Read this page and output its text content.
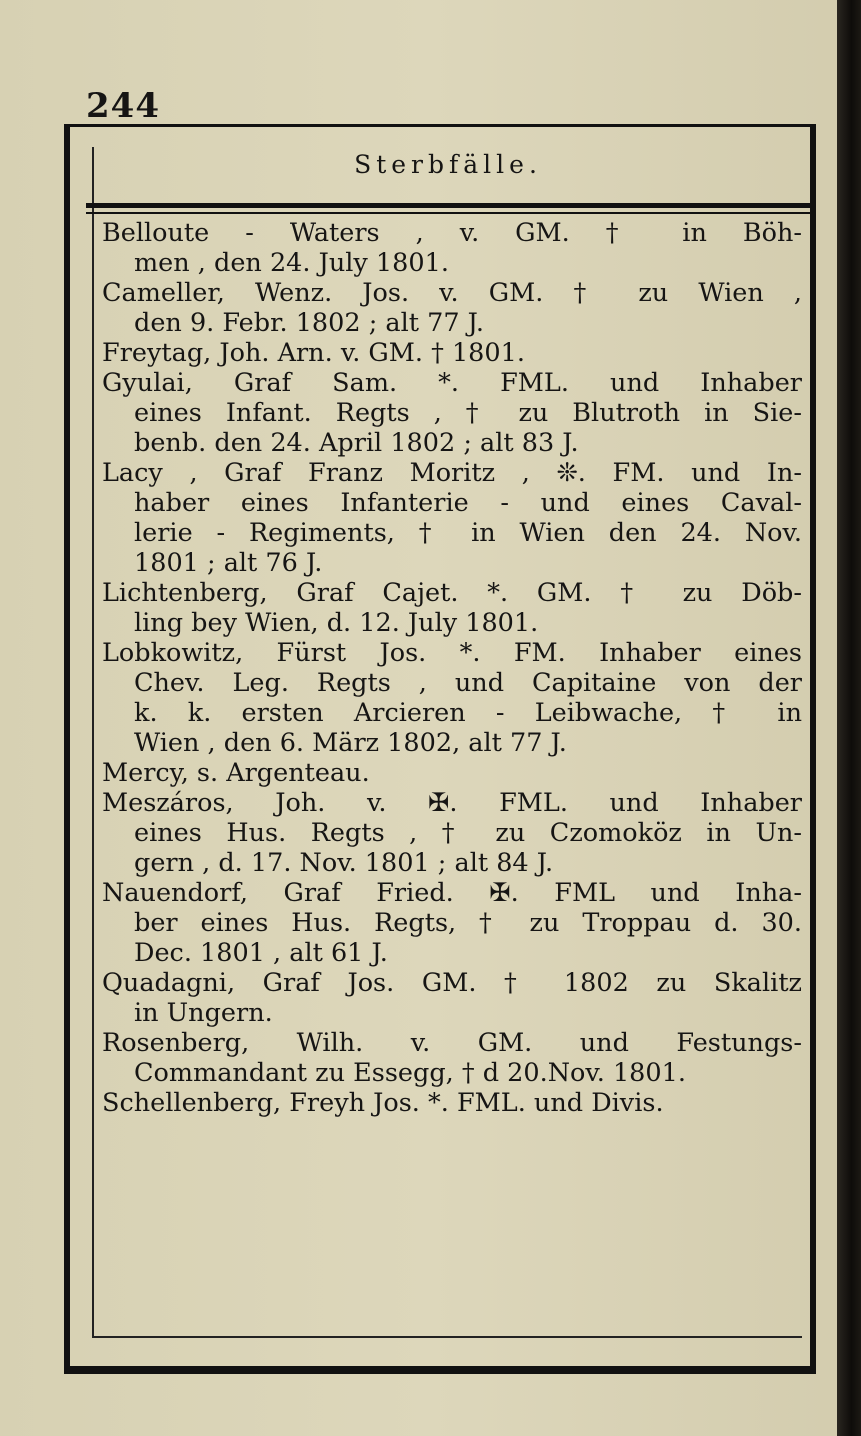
244
Sterbfälle.
Belloute - Waters , v. GM. † in Böh-
men , den 24. July 1801.
Cameller, Wenz. Jos. v. GM. † zu Wien ,
den 9. Febr. 1802 ; alt 77 J.
Freytag, Joh. Arn. v. GM. † 1801.
Gyulai, Graf Sam. *. FML. und Inhaber
eines Infant. Regts , † zu Blutroth in Sie-
benb. den 24. April 1802 ; alt 83 J.
Lacy , Graf Franz Moritz , ❊. FM. und In-
haber eines Infanterie - und eines Caval-
lerie - Regiments, † in Wien den 24. Nov.
1801 ; alt 76 J.
Lichtenberg, Graf Cajet. *. GM. † zu Döb-
ling bey Wien, d. 12. July 1801.
Lobkowitz, Fürst Jos. *. FM. Inhaber eines
Chev. Leg. Regts , und Capitaine von der
k. k. ersten Arcieren - Leibwache, † in
Wien , den 6. März 1802, alt 77 J.
Mercy, s. Argenteau.
Meszáros, Joh. v. ✠. FML. und Inhaber
eines Hus. Regts , † zu Czomoköz in Un-
gern , d. 17. Nov. 1801 ; alt 84 J.
Nauendorf, Graf Fried. ✠. FML und Inha-
ber eines Hus. Regts, † zu Troppau d. 30.
Dec. 1801 , alt 61 J.
Quadagni, Graf Jos. GM. † 1802 zu Skalitz
in Ungern.
Rosenberg, Wilh. v. GM. und Festungs-
Commandant zu Essegg, † d 20.Nov. 1801.
Schellenberg, Freyh Jos. *. FML. und Divis.
